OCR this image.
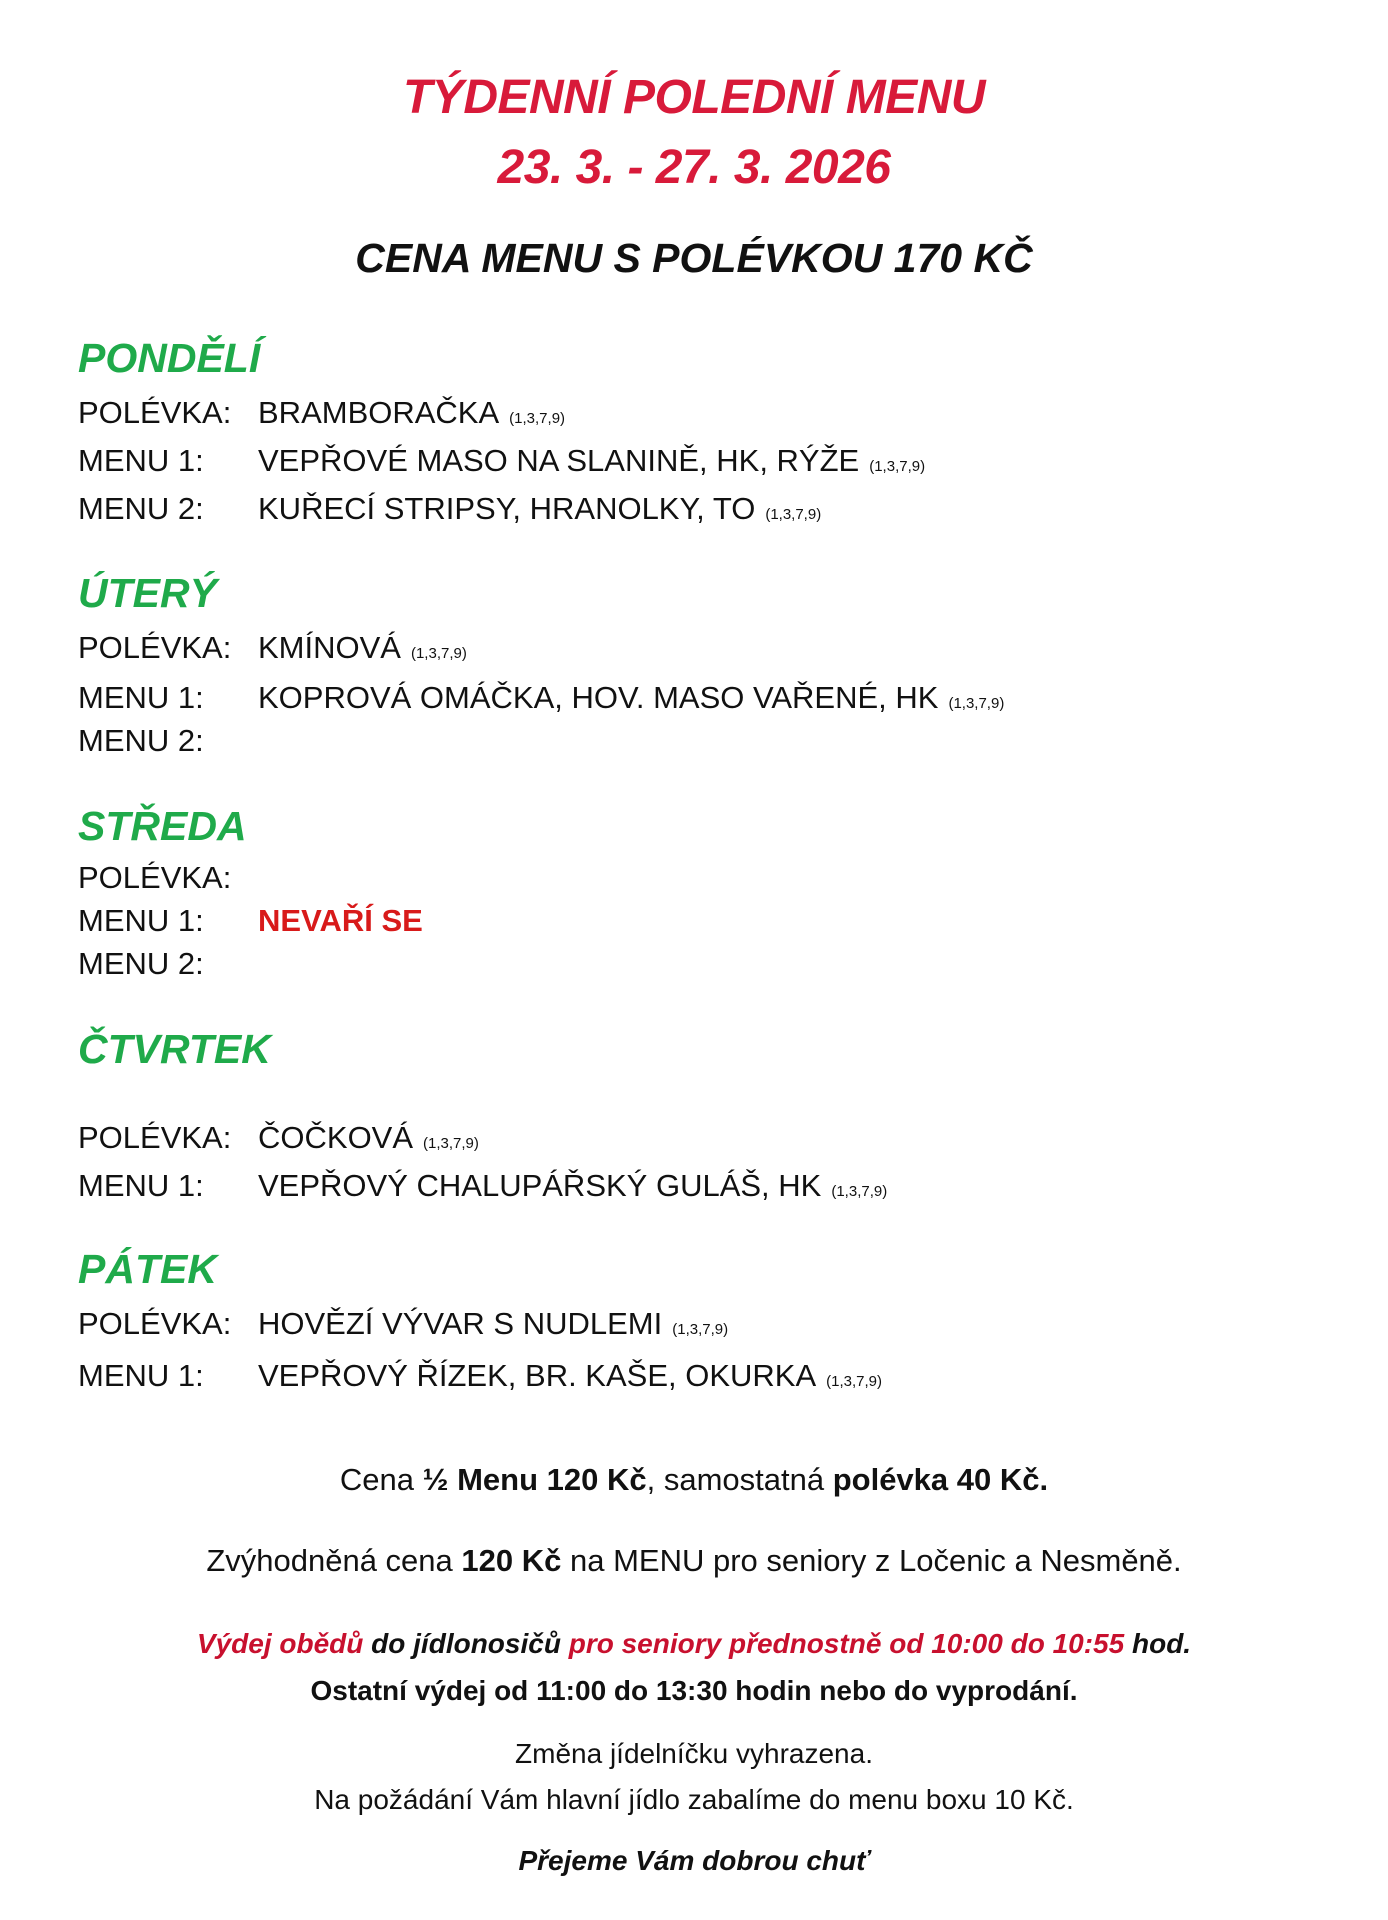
TÝDENNÍ POLEDNÍ MENU
23. 3. - 27. 3. 2026
CENA MENU S POLÉVKOU 170 KČ
PONDĚLÍ
POLÉVKA: BRAMBORAČKA (1,3,7,9)
MENU 1: VEPŘOVÉ MASO NA SLANINĚ, HK, RÝŽE (1,3,7,9)
MENU 2: KUŘECÍ STRIPSY, HRANOLKY, TO (1,3,7,9)
ÚTERÝ
POLÉVKA: KMÍNOVÁ (1,3,7,9)
MENU 1: KOPROVÁ OMÁČKA, HOV. MASO VAŘENÉ, HK (1,3,7,9)
MENU 2:
STŘEDA
POLÉVKA:
MENU 1: NEVAŘÍ SE
MENU 2:
ČTVRTEK
POLÉVKA: ČOČKOVÁ (1,3,7,9)
MENU 1: VEPŘOVÝ CHALUPÁŘSKÝ GULÁŠ, HK (1,3,7,9)
PÁTEK
POLÉVKA: HOVĚZÍ VÝVAR S NUDLEMI (1,3,7,9)
MENU 1: VEPŘOVÝ ŘÍZEK, BR. KAŠE, OKURKA (1,3,7,9)
Cena ½ Menu 120 Kč, samostatná polévka 40 Kč.
Zvýhodněná cena 120 Kč na MENU pro seniory z Ločenic a Nesměně.
Výdej obědů do jídlonosičů pro seniory přednostně od 10:00 do 10:55 hod.
Ostatní výdej od 11:00 do 13:30 hodin nebo do vyprodání.
Změna jídelníčku vyhrazena.
Na požádání Vám hlavní jídlo zabalíme do menu boxu 10 Kč.
Přejeme Vám dobrou chuť
